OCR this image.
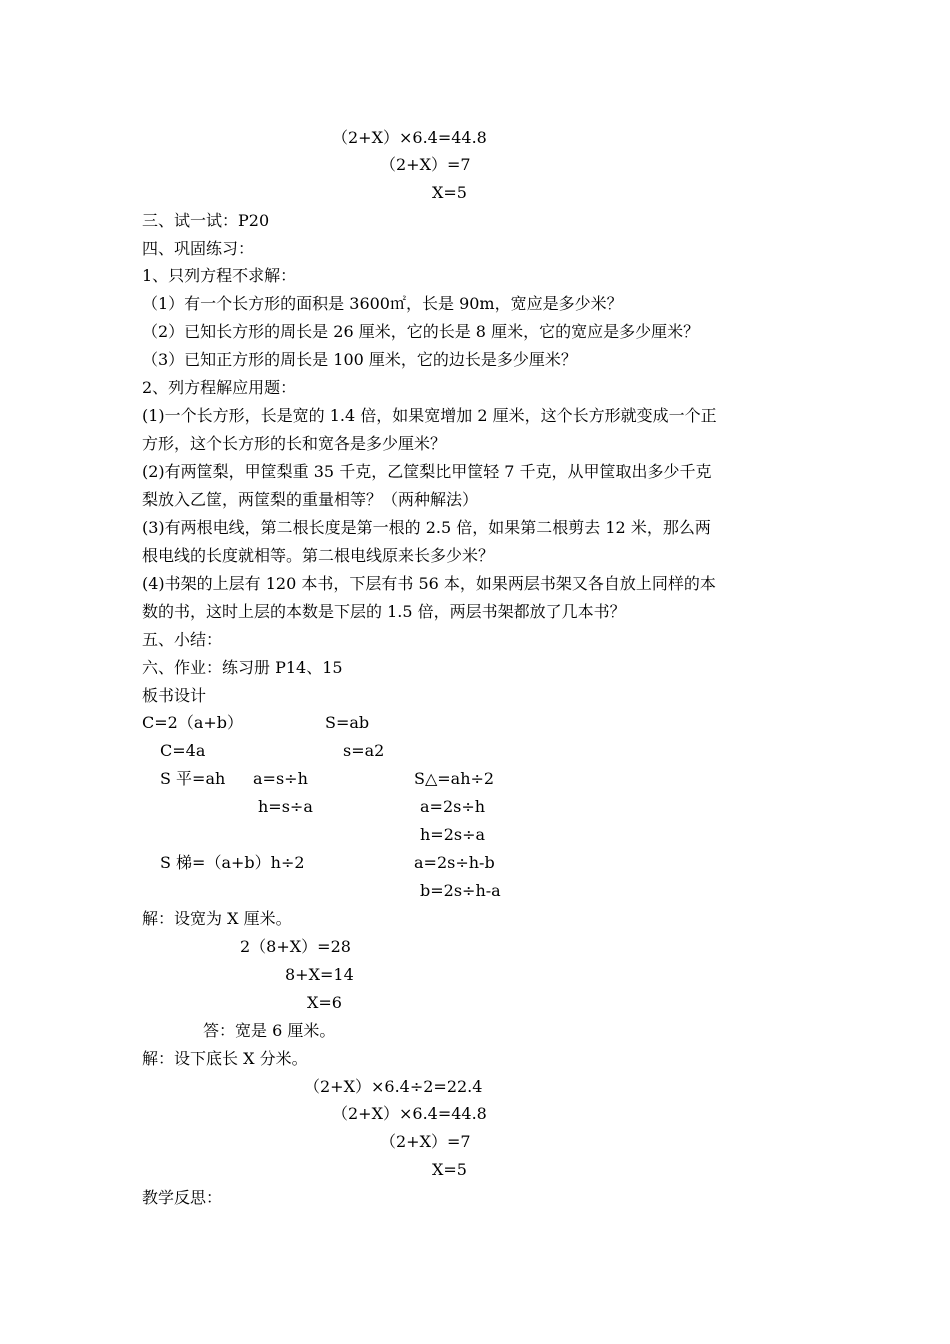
（2+X）×6.4=44.8
（2+X）=7
X=5
三、试一试：P20
四、巩固练习：
1、只列方程不求解：
（1）有一个长方形的面积是 3600㎡，长是 90m，宽应是多少米？
（2）已知长方形的周长是 26 厘米，它的长是 8 厘米，它的宽应是多少厘米？
（3）已知正方形的周长是 100 厘米，它的边长是多少厘米？
2、列方程解应用题：
(1)一个长方形，长是宽的 1.4 倍，如果宽增加 2 厘米，这个长方形就变成一个正
方形，这个长方形的长和宽各是多少厘米？
(2)有两筐梨，甲筐梨重 35 千克，乙筐梨比甲筐轻 7 千克，从甲筐取出多少千克
梨放入乙筐，两筐梨的重量相等？（两种解法）
(3)有两根电线，第二根长度是第一根的 2.5 倍，如果第二根剪去 12 米，那么两
根电线的长度就相等。第二根电线原来长多少米？
(4)书架的上层有 120 本书，下层有书 56 本，如果两层书架又各自放上同样的本
数的书，这时上层的本数是下层的 1.5 倍，两层书架都放了几本书？
五、小结：
六、作业：练习册 P14、15
板书设计
C=2（a+b）	S=ab
C=4a	s=a2
S 平=ah a=s÷h	S△=ah÷2
h=s÷a	a=2s÷h
h=2s÷a
S 梯=（a+b）h÷2	a=2s÷h-b
b=2s÷h-a
解：设宽为 X 厘米。
2（8+X）=28
8+X=14
X=6
答：宽是 6 厘米。
解：设下底长 X 分米。
（2+X）×6.4÷2=22.4
（2+X）×6.4=44.8
（2+X）=7
X=5
教学反思：
